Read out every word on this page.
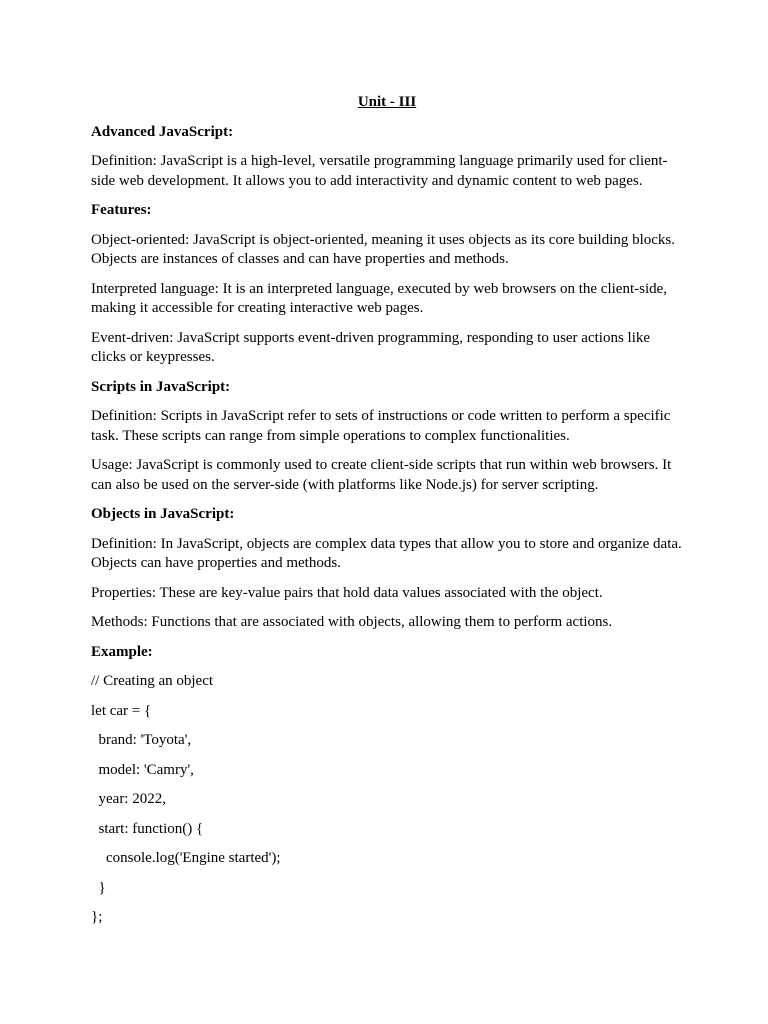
Unit - III
Advanced JavaScript:
Definition: JavaScript is a high-level, versatile programming language primarily used for client-side web development. It allows you to add interactivity and dynamic content to web pages.
Features:
Object-oriented: JavaScript is object-oriented, meaning it uses objects as its core building blocks. Objects are instances of classes and can have properties and methods.
Interpreted language: It is an interpreted language, executed by web browsers on the client-side, making it accessible for creating interactive web pages.
Event-driven: JavaScript supports event-driven programming, responding to user actions like clicks or keypresses.
Scripts in JavaScript:
Definition: Scripts in JavaScript refer to sets of instructions or code written to perform a specific task. These scripts can range from simple operations to complex functionalities.
Usage: JavaScript is commonly used to create client-side scripts that run within web browsers. It can also be used on the server-side (with platforms like Node.js) for server scripting.
Objects in JavaScript:
Definition: In JavaScript, objects are complex data types that allow you to store and organize data. Objects can have properties and methods.
Properties: These are key-value pairs that hold data values associated with the object.
Methods: Functions that are associated with objects, allowing them to perform actions.
Example:
// Creating an object
let car = {
brand: 'Toyota',
model: 'Camry',
year: 2022,
start: function() {
console.log('Engine started');
}
};
